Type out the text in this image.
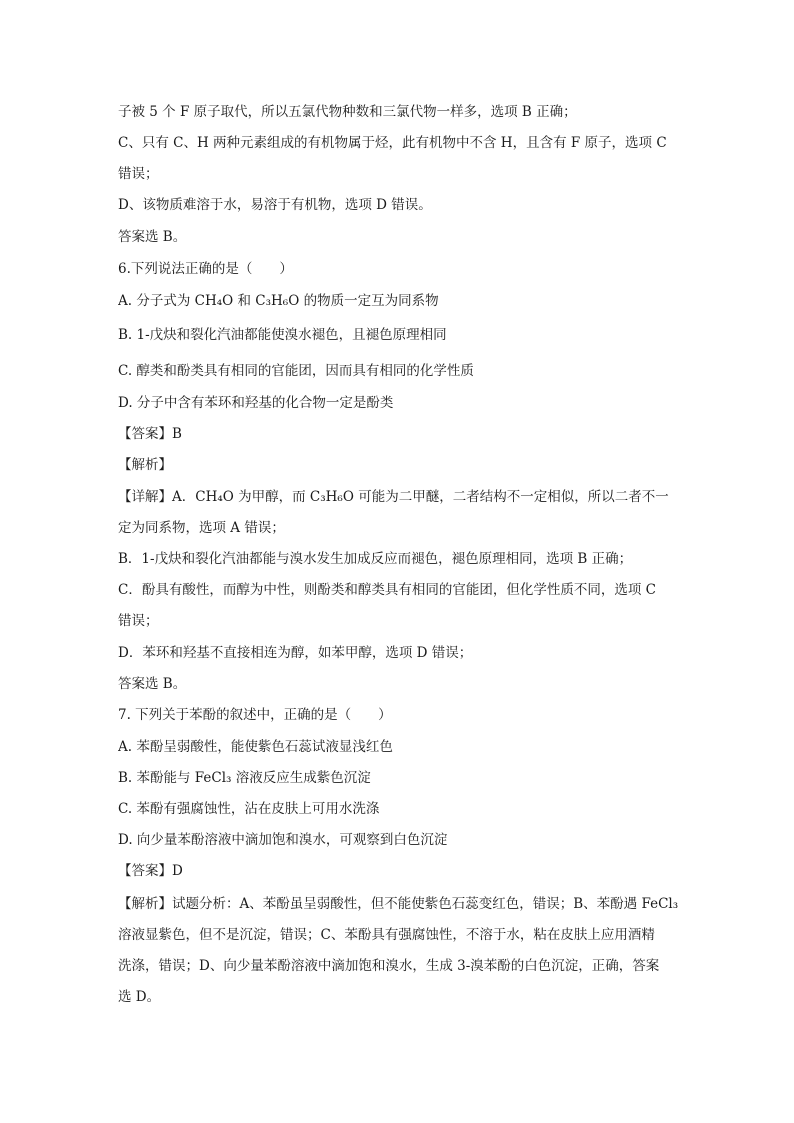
子被 5 个 F 原子取代，所以五氯代物种数和三氯代物一样多，选项 B 正确；
C、只有 C、H 两种元素组成的有机物属于烃，此有机物中不含 H，且含有 F 原子，选项 C
错误；
D、该物质难溶于水，易溶于有机物，选项 D 错误。
答案选 B。
6.下列说法正确的是（　　）
A. 分子式为 CH₄O 和 C₃H₆O 的物质一定互为同系物
B. 1-戊炔和裂化汽油都能使溴水褪色，且褪色原理相同
C. 醇类和酚类具有相同的官能团，因而具有相同的化学性质
D. 分子中含有苯环和羟基的化合物一定是酚类
【答案】B
【解析】
【详解】A．CH₄O 为甲醇，而 C₃H₆O 可能为二甲醚，二者结构不一定相似，所以二者不一
定为同系物，选项 A 错误；
B．1-戊炔和裂化汽油都能与溴水发生加成反应而褪色，褪色原理相同，选项 B 正确；
C．酚具有酸性，而醇为中性，则酚类和醇类具有相同的官能团，但化学性质不同，选项 C
错误；
D．苯环和羟基不直接相连为醇，如苯甲醇，选项 D 错误；
答案选 B。
7. 下列关于苯酚的叙述中，正确的是（　　）
A. 苯酚呈弱酸性，能使紫色石蕊试液显浅红色
B. 苯酚能与 FeCl₃ 溶液反应生成紫色沉淀
C. 苯酚有强腐蚀性，沾在皮肤上可用水洗涤
D. 向少量苯酚溶液中滴加饱和溴水，可观察到白色沉淀
【答案】D
【解析】试题分析：A、苯酚虽呈弱酸性，但不能使紫色石蕊变红色，错误；B、苯酚遇 FeCl₃
溶液显紫色，但不是沉淀，错误；C、苯酚具有强腐蚀性，不溶于水，粘在皮肤上应用酒精
洗涤，错误；D、向少量苯酚溶液中滴加饱和溴水，生成 3-溴苯酚的白色沉淀，正确，答案
选 D。
